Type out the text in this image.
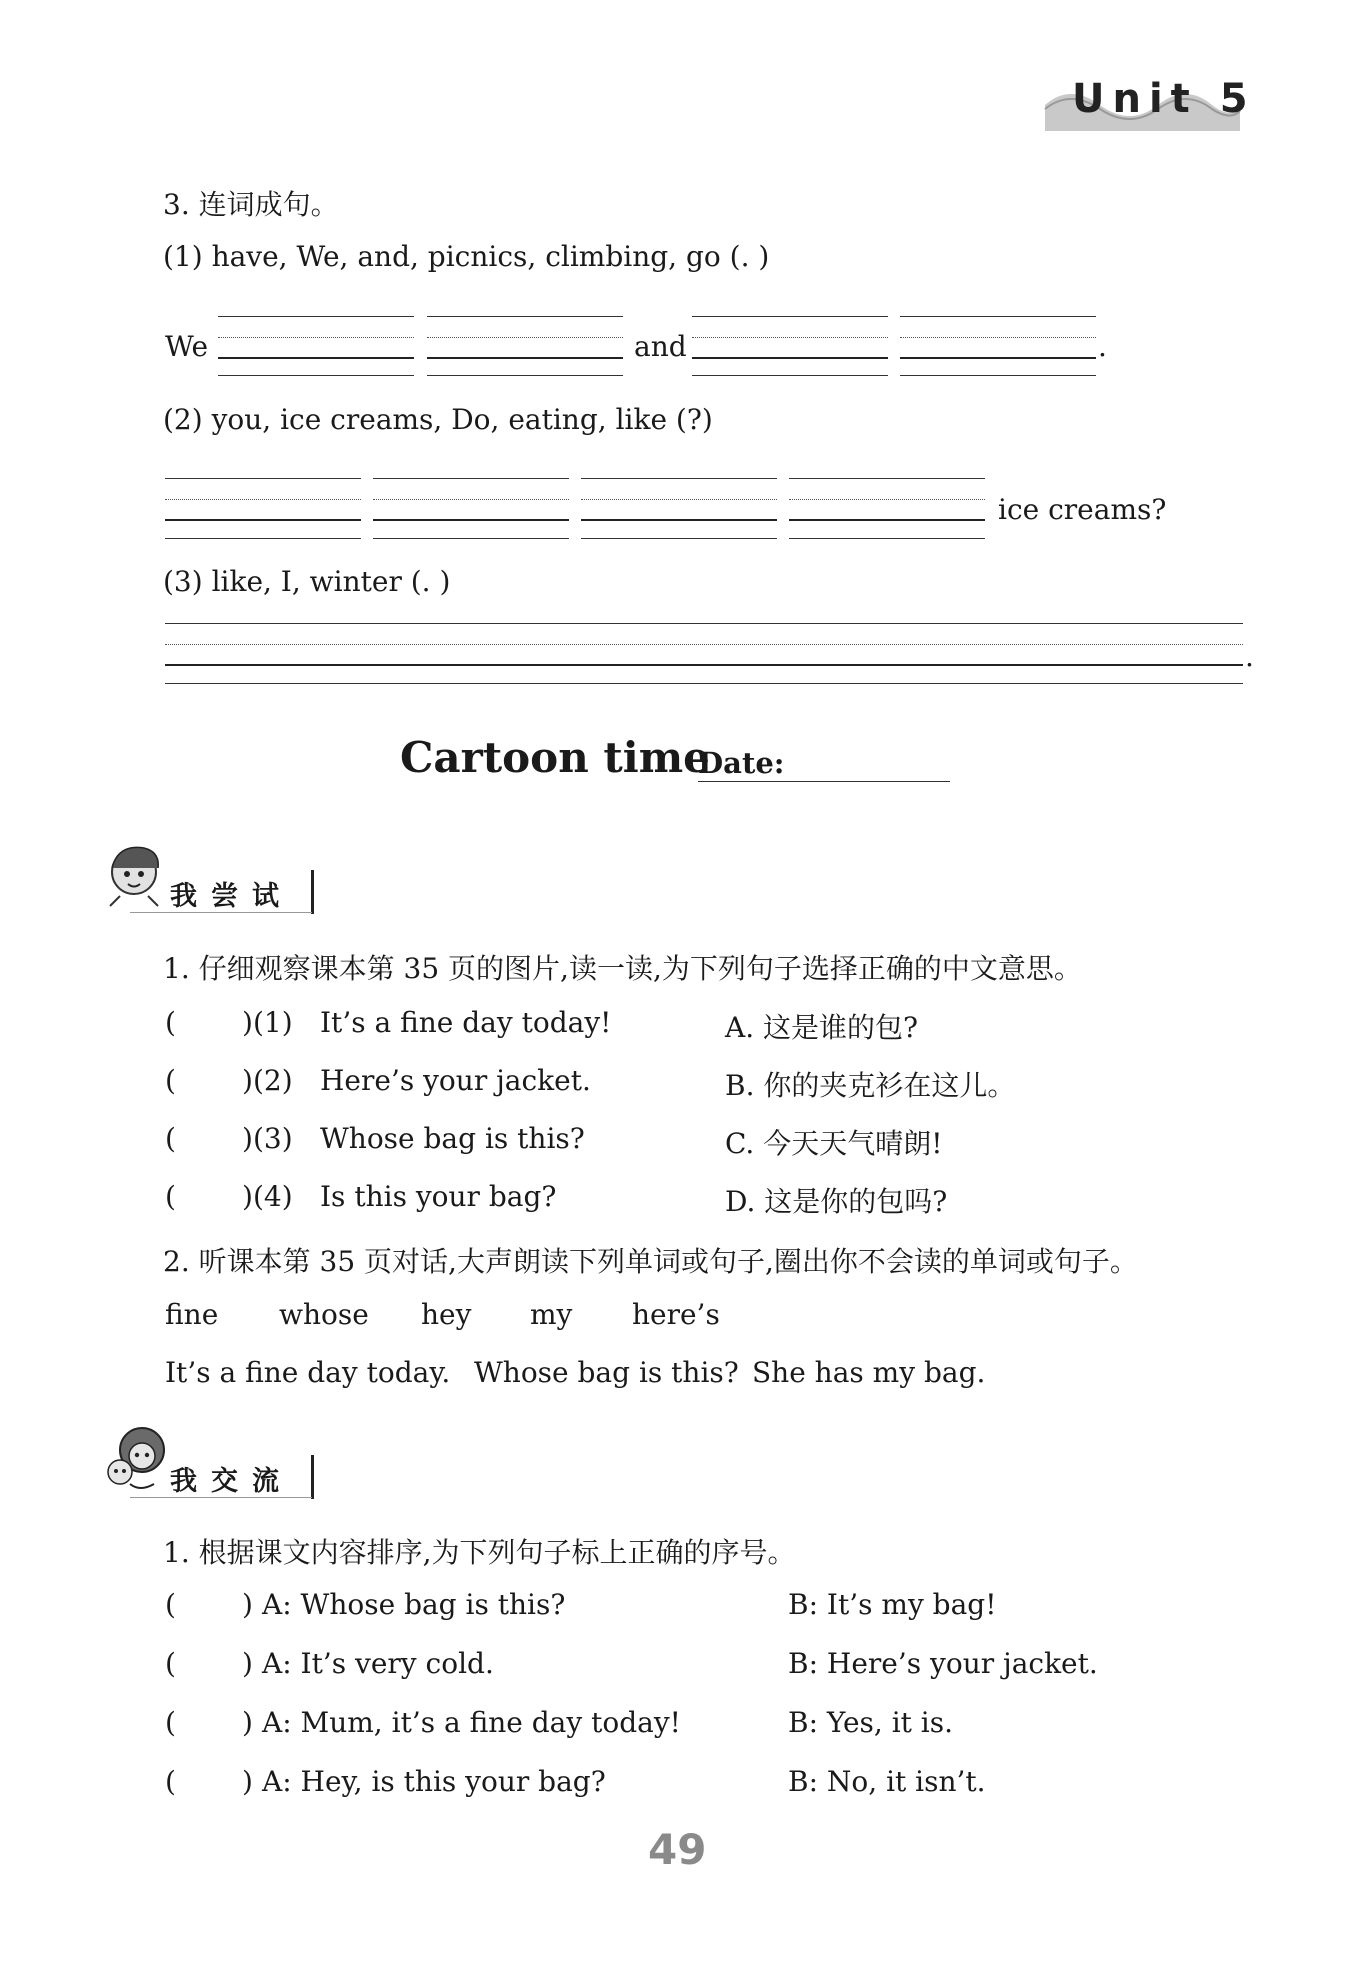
Unit 5
3. 连词成句。
(1) have, We, and, picnics, climbing, go (. )
We	and	.
(2) you, ice creams, Do, eating, like (?)
ice creams?
(3) like, I, winter (. )
.
Cartoon time
Date:
我尝试
1. 仔细观察课本第 35 页的图片,读一读,为下列句子选择正确的中文意思。
( ) (1) It’s a fine day today!	A. 这是谁的包?
( ) (2) Here’s your jacket.	B. 你的夹克衫在这儿。
( ) (3) Whose bag is this?	C. 今天天气晴朗!
( ) (4) Is this your bag?	D. 这是你的包吗?
2. 听课本第 35 页对话,大声朗读下列单词或句子,圈出你不会读的单词或句子。
fine whose hey my here’s
It’s a fine day today. Whose bag is this? She has my bag.
我交流
1. 根据课文内容排序,为下列句子标上正确的序号。
( ) A: Whose bag is this?	B: It’s my bag!
( ) A: It’s very cold.	B: Here’s your jacket.
( ) A: Mum, it’s a fine day today!	B: Yes, it is.
( ) A: Hey, is this your bag?	B: No, it isn’t.
49
